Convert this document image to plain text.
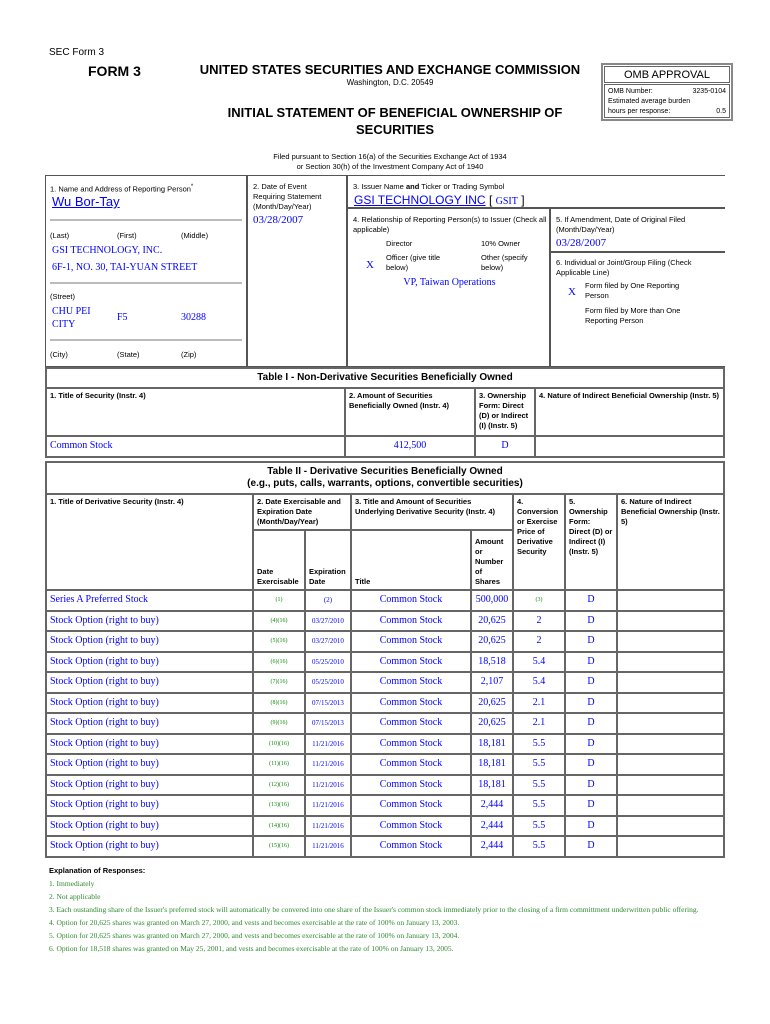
SEC Form 3
FORM 3	UNITED STATES SECURITIES AND EXCHANGE COMMISSION
Washington, D.C. 20549
INITIAL STATEMENT OF BENEFICIAL OWNERSHIP OF SECURITIES
OMB APPROVAL
OMB Number:	3235-0104
Estimated average burden
hours per response:	0.5
Filed pursuant to Section 16(a) of the Securities Exchange Act of 1934
or Section 30(h) of the Investment Company Act of 1940
1. Name and Address of Reporting Person*
Wu Bor-Tay
(Last)	(First)	(Middle)
GSI TECHNOLOGY, INC.
6F-1, NO. 30, TAI-YUAN STREET
(Street)
CHU PEI CITY
F5	30288
(City)	(State)	(Zip)
2. Date of Event Requiring Statement (Month/Day/Year)
03/28/2007
3. Issuer Name and Ticker or Trading Symbol
GSI TECHNOLOGY INC [ GSIT ]
4. Relationship of Reporting Person(s) to Issuer (Check all applicable)
Director	10% Owner
X
Officer (give title below)
Other (specify below)
VP, Taiwan Operations
5. If Amendment, Date of Original Filed (Month/Day/Year)
03/28/2007
6. Individual or Joint/Group Filing (Check Applicable Line)
X
Form filed by One Reporting Person
Form filed by More than One Reporting Person
Table I - Non-Derivative Securities Beneficially Owned			
1. Title of Security (Instr. 4)	2. Amount of Securities Beneficially Owned (Instr. 4)	3. Ownership Form: Direct (D) or Indirect (I) (Instr. 5)	4. Nature of Indirect Beneficial Ownership (Instr. 5)
Common Stock	412,500	D	
Table II - Derivative Securities Beneficially Owned
(e.g., puts, calls, warrants, options, convertible securities)							

1. Title of Derivative Security (Instr. 4)	2. Date Exercisable and Expiration Date (Month/Day/Year)		3. Title and Amount of Securities Underlying Derivative Security (Instr. 4)		4. Conversion or Exercise Price of Derivative Security	5. Ownership Form: Direct (D) or Indirect (I) (Instr. 5)	6. Nature of Indirect Beneficial Ownership (Instr. 5)
	Date Exercisable	Expiration Date	Title	Amount or Number of Shares			
Series A Preferred Stock	(1)	(2)	Common Stock	500,000	(3)	D	
Stock Option (right to buy)	(4)(16)	03/27/2010	Common Stock	20,625	2	D	
Stock Option (right to buy)	(5)(16)	03/27/2010	Common Stock	20,625	2	D	
Stock Option (right to buy)	(6)(16)	05/25/2010	Common Stock	18,518	5.4	D	
Stock Option (right to buy)	(7)(16)	05/25/2010	Common Stock	2,107	5.4	D	
Stock Option (right to buy)	(8)(16)	07/15/2013	Common Stock	20,625	2.1	D	
Stock Option (right to buy)	(9)(16)	07/15/2013	Common Stock	20,625	2.1	D	
Stock Option (right to buy)	(10)(16)	11/21/2016	Common Stock	18,181	5.5	D	
Stock Option (right to buy)	(11)(16)	11/21/2016	Common Stock	18,181	5.5	D	
Stock Option (right to buy)	(12)(16)	11/21/2016	Common Stock	18,181	5.5	D	
Stock Option (right to buy)	(13)(16)	11/21/2016	Common Stock	2,444	5.5	D	
Stock Option (right to buy)	(14)(16)	11/21/2016	Common Stock	2,444	5.5	D	
Stock Option (right to buy)	(15)(16)	11/21/2016	Common Stock	2,444	5.5	D	
Explanation of Responses:
1. Immediately
2. Not applicable
3. Each oustanding share of the Issuer's preferred stock will automatically be convered into one share of the Issuer's common stock immediately prior to the closing of a firm committment underwritten public offering.
4. Option for 20,625 shares was granted on March 27, 2000, and vests and becomes exercisable at the rate of 100% on January 13, 2003.
5. Option for 20,625 shares was granted on March 27, 2000, and vests and becomes exercisable at the rate of 100% on January 13, 2004.
6. Option for 18,518 shares was granted on May 25, 2001, and vests and becomes exercisable at the rate of 100% on January 13, 2005.
